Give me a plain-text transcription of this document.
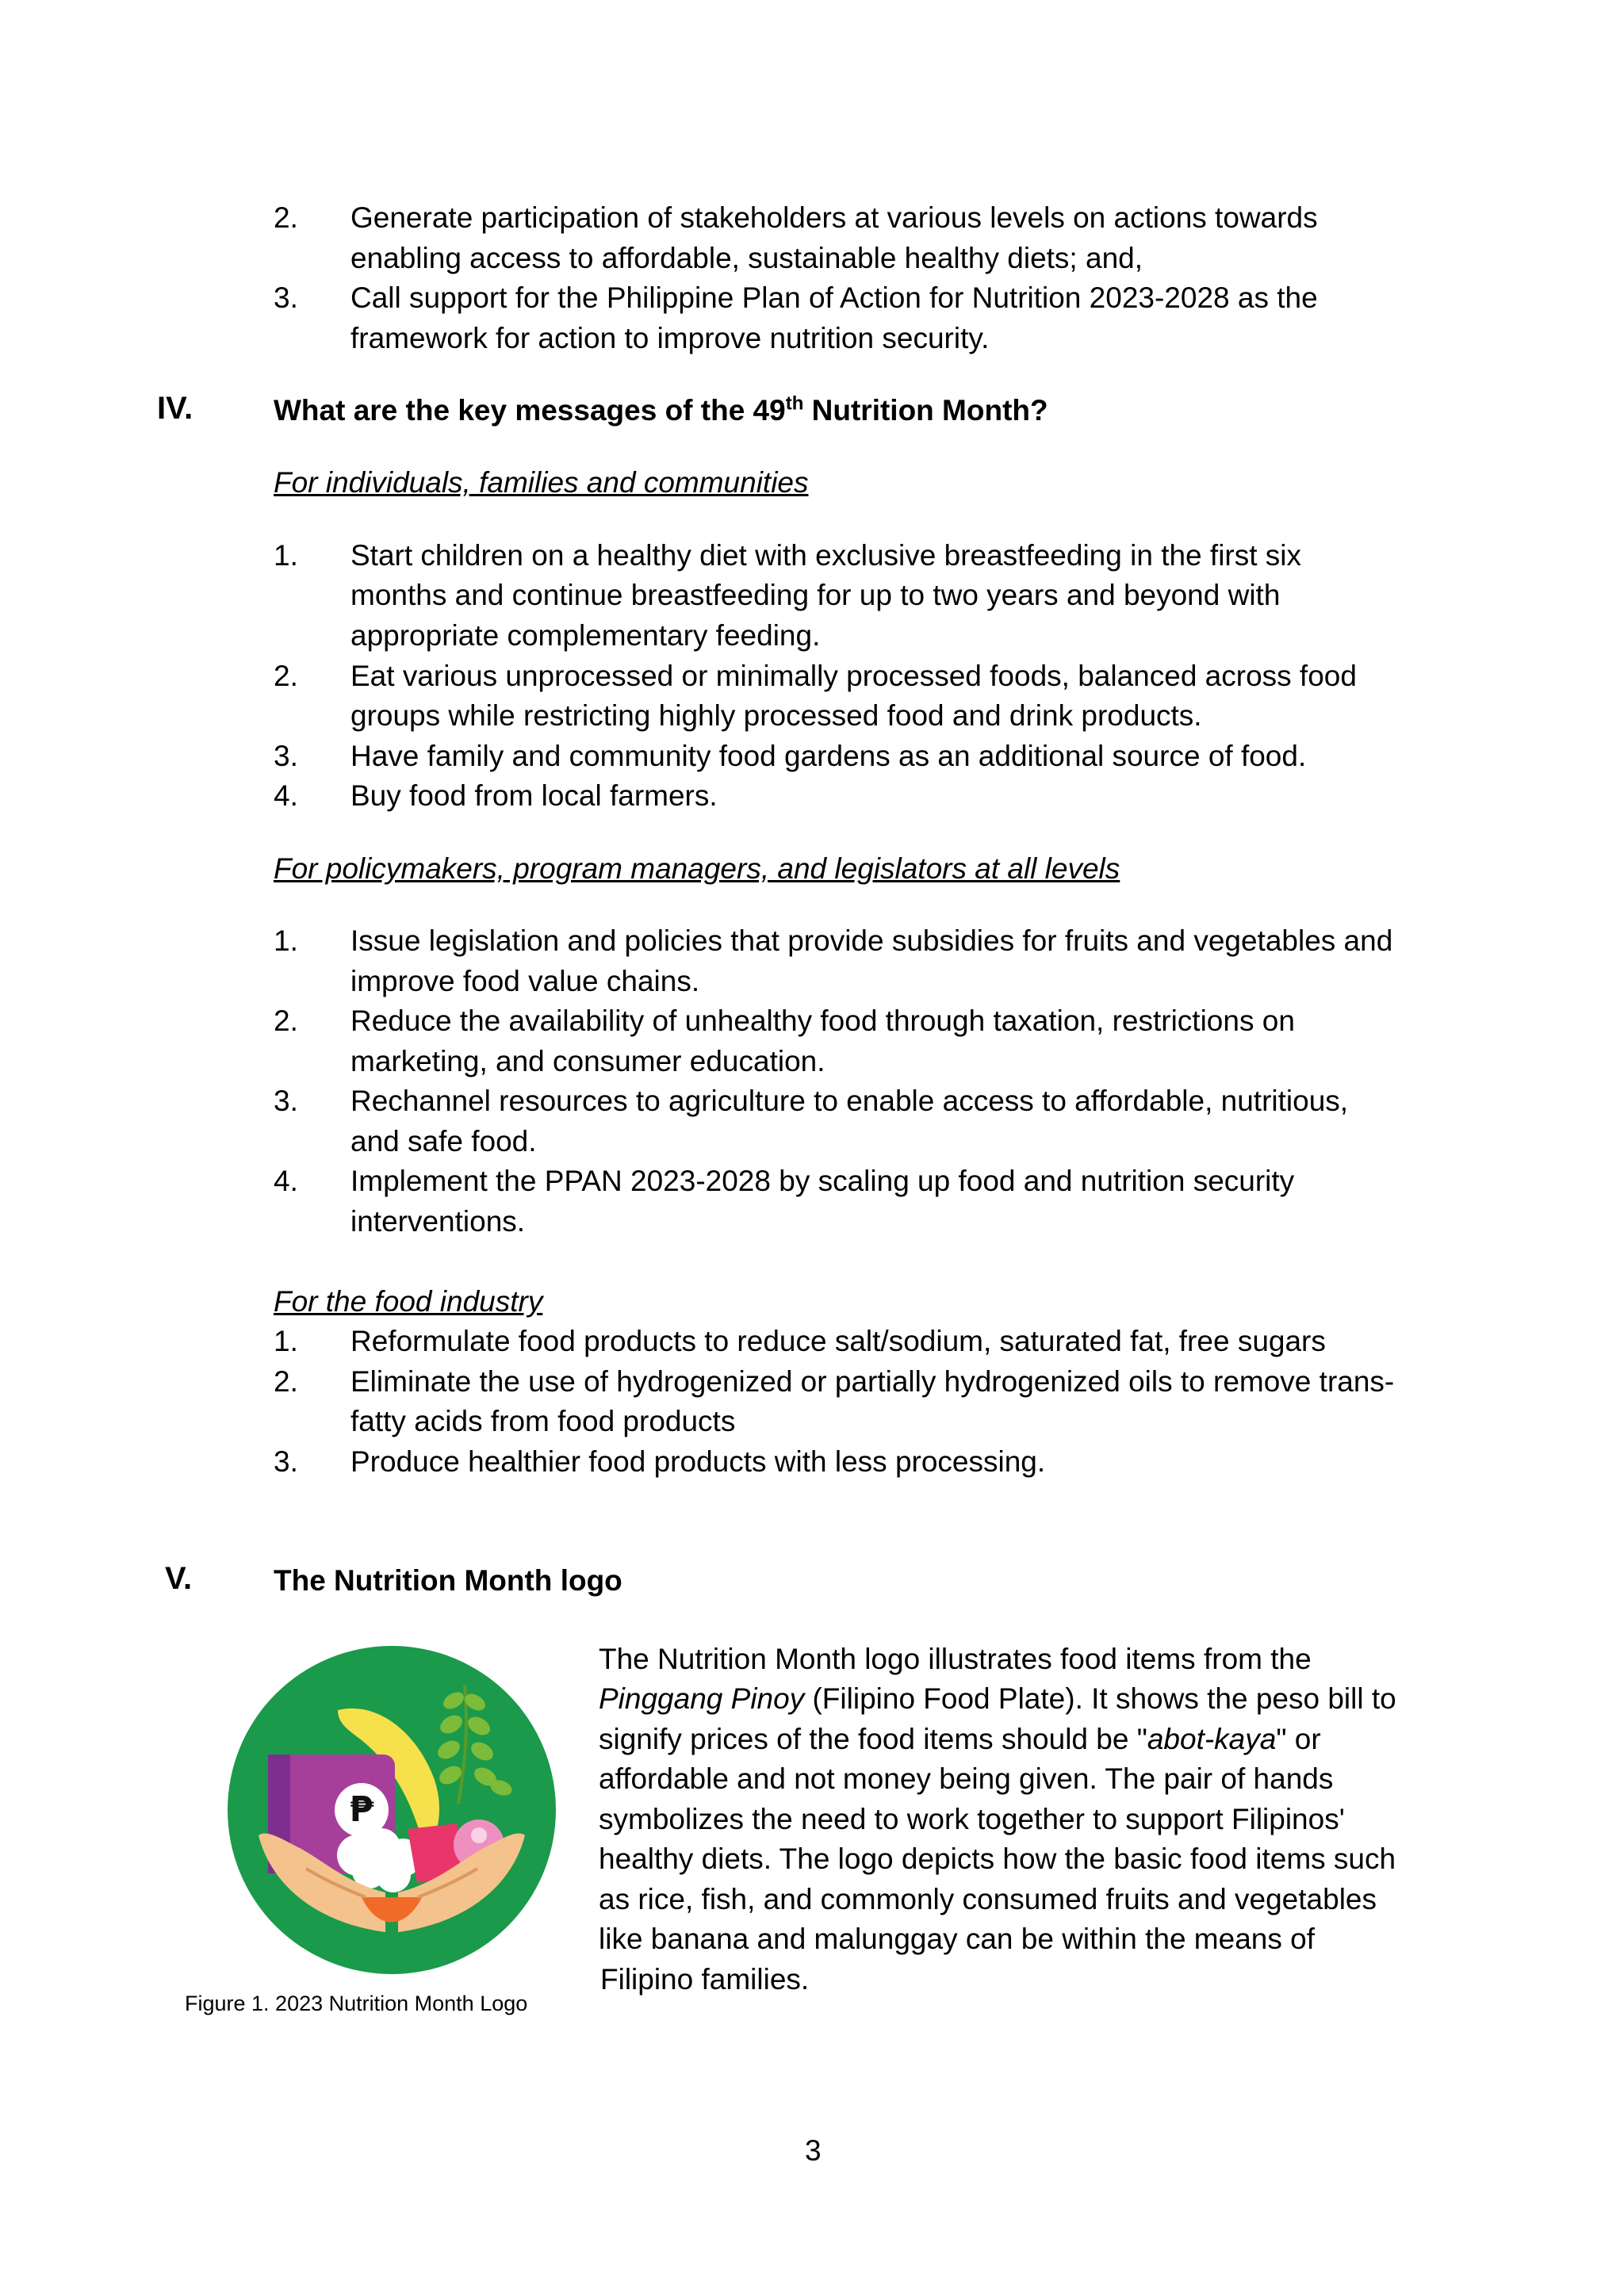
2. Generate participation of stakeholders at various levels on actions towards
enabling access to affordable, sustainable healthy diets; and,
3. Call support for the Philippine Plan of Action for Nutrition 2023-2028 as the
framework for action to improve nutrition security.
IV.	What are the key messages of the 49th Nutrition Month?
For individuals, families and communities
1. Start children on a healthy diet with exclusive breastfeeding in the first six
months and continue breastfeeding for up to two years and beyond with
appropriate complementary feeding.
2. Eat various unprocessed or minimally processed foods, balanced across food
groups while restricting highly processed food and drink products.
3. Have family and community food gardens as an additional source of food.
4. Buy food from local farmers.
For policymakers, program managers, and legislators at all levels
1. Issue legislation and policies that provide subsidies for fruits and vegetables and
improve food value chains.
2. Reduce the availability of unhealthy food through taxation, restrictions on
marketing, and consumer education.
3. Rechannel resources to agriculture to enable access to affordable, nutritious,
and safe food.
4. Implement the PPAN 2023-2028 by scaling up food and nutrition security
interventions.
For the food industry
1. Reformulate food products to reduce salt/sodium, saturated fat, free sugars
2. Eliminate the use of hydrogenized or partially hydrogenized oils to remove trans-
fatty acids from food products
3. Produce healthier food products with less processing.
V.	The Nutrition Month logo
₱
The Nutrition Month logo illustrates food items from the
Pinggang Pinoy (Filipino Food Plate). It shows the peso bill to
signify prices of the food items should be "abot-kaya" or
affordable and not money being given. The pair of hands
symbolizes the need to work together to support Filipinos'
healthy diets. The logo depicts how the basic food items such
as rice, fish, and commonly consumed fruits and vegetables
like banana and malunggay can be within the means of
Filipino families.
Figure 1. 2023 Nutrition Month Logo
3
